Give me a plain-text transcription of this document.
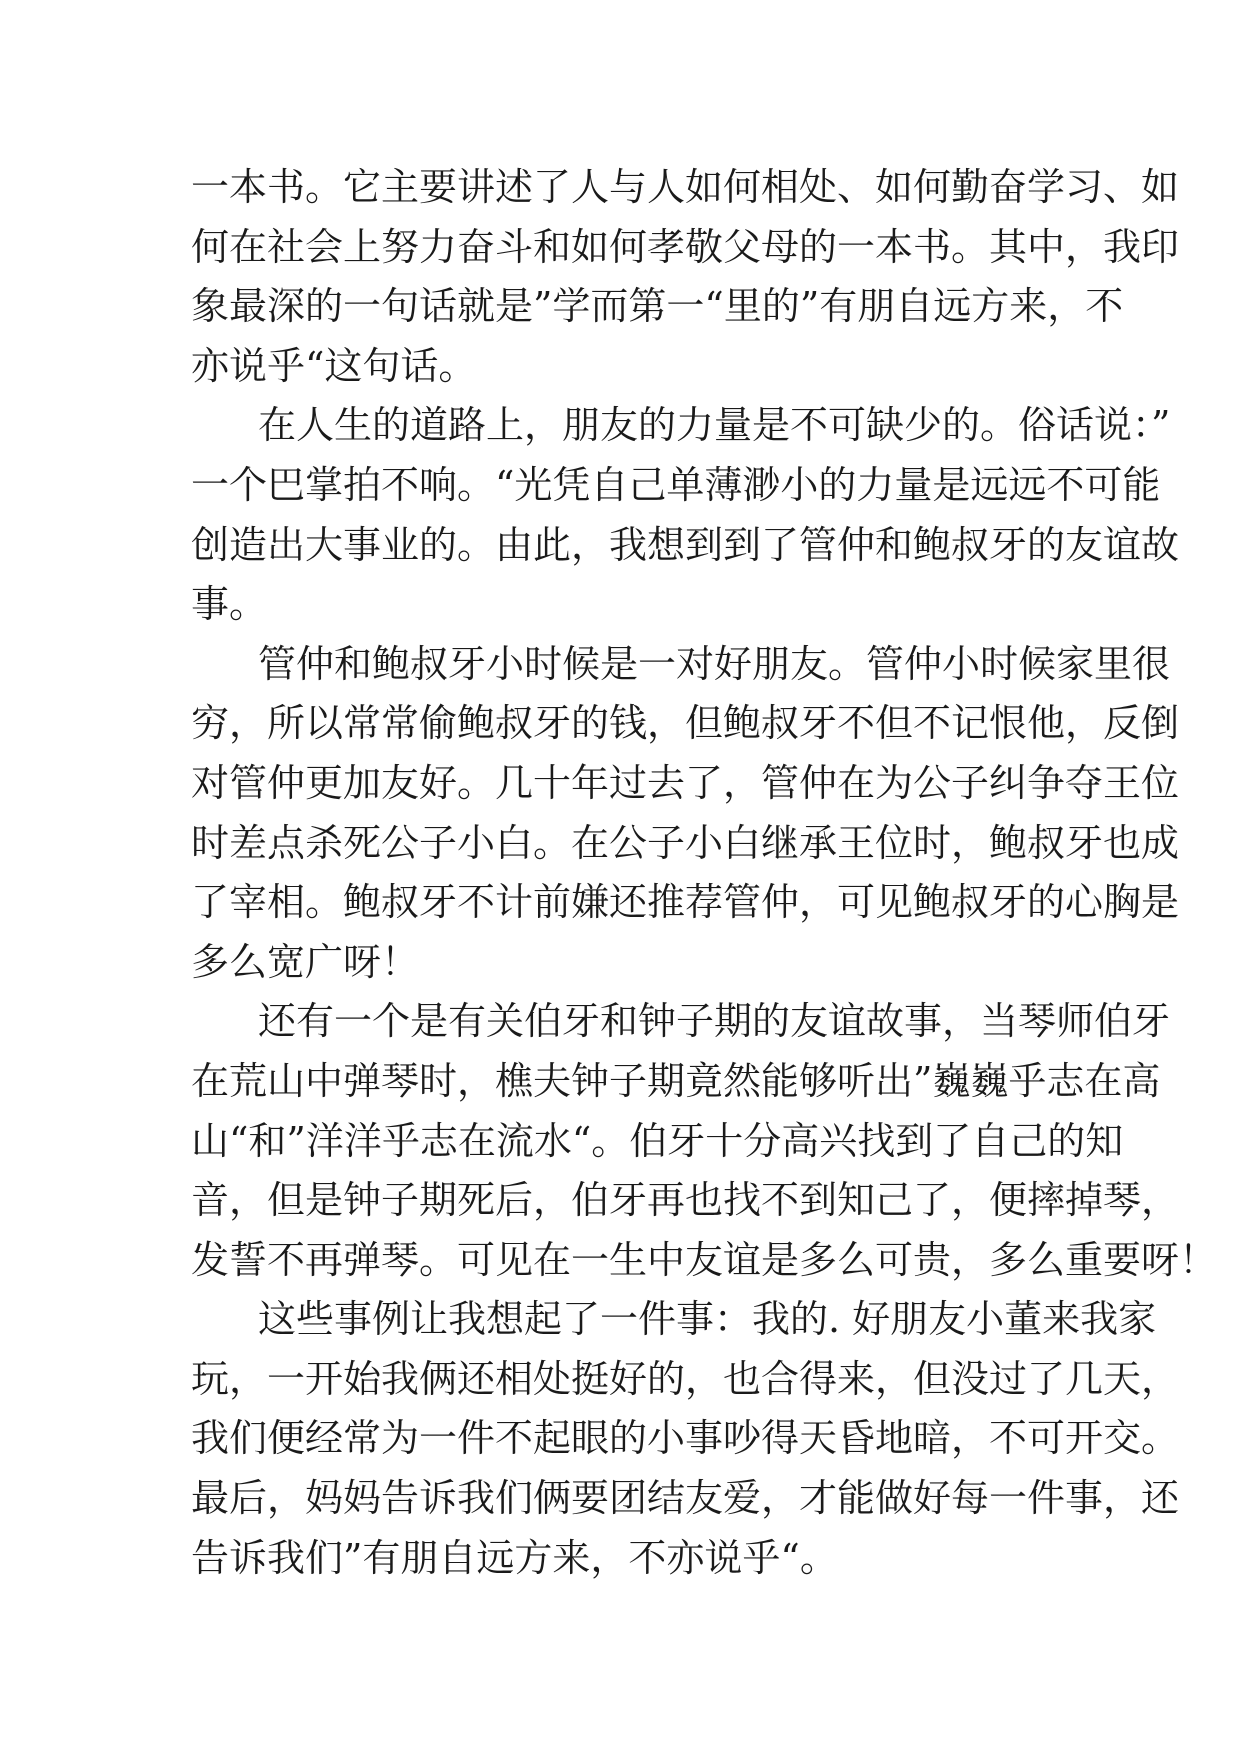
一本书。它主要讲述了人与人如何相处、如何勤奋学习、如
何在社会上努力奋斗和如何孝敬父母的一本书。其中，我印
象最深的一句话就是”学而第一“里的”有朋自远方来，不
亦说乎“这句话。
在人生的道路上，朋友的力量是不可缺少的。俗话说：”
一个巴掌拍不响。“光凭自己单薄渺小的力量是远远不可能
创造出大事业的。由此，我想到到了管仲和鲍叔牙的友谊故
事。
管仲和鲍叔牙小时候是一对好朋友。管仲小时候家里很
穷，所以常常偷鲍叔牙的钱，但鲍叔牙不但不记恨他，反倒
对管仲更加友好。几十年过去了，管仲在为公子纠争夺王位
时差点杀死公子小白。在公子小白继承王位时，鲍叔牙也成
了宰相。鲍叔牙不计前嫌还推荐管仲，可见鲍叔牙的心胸是
多么宽广呀！
还有一个是有关伯牙和钟子期的友谊故事，当琴师伯牙
在荒山中弹琴时，樵夫钟子期竟然能够听出”巍巍乎志在高
山“和”洋洋乎志在流水“。伯牙十分高兴找到了自己的知
音，但是钟子期死后，伯牙再也找不到知己了，便摔掉琴，
发誓不再弹琴。可见在一生中友谊是多么可贵，多么重要呀！
这些事例让我想起了一件事：我的. 好朋友小董来我家
玩，一开始我俩还相处挺好的，也合得来，但没过了几天，
我们便经常为一件不起眼的小事吵得天昏地暗，不可开交。
最后，妈妈告诉我们俩要团结友爱，才能做好每一件事，还
告诉我们”有朋自远方来，不亦说乎“。
